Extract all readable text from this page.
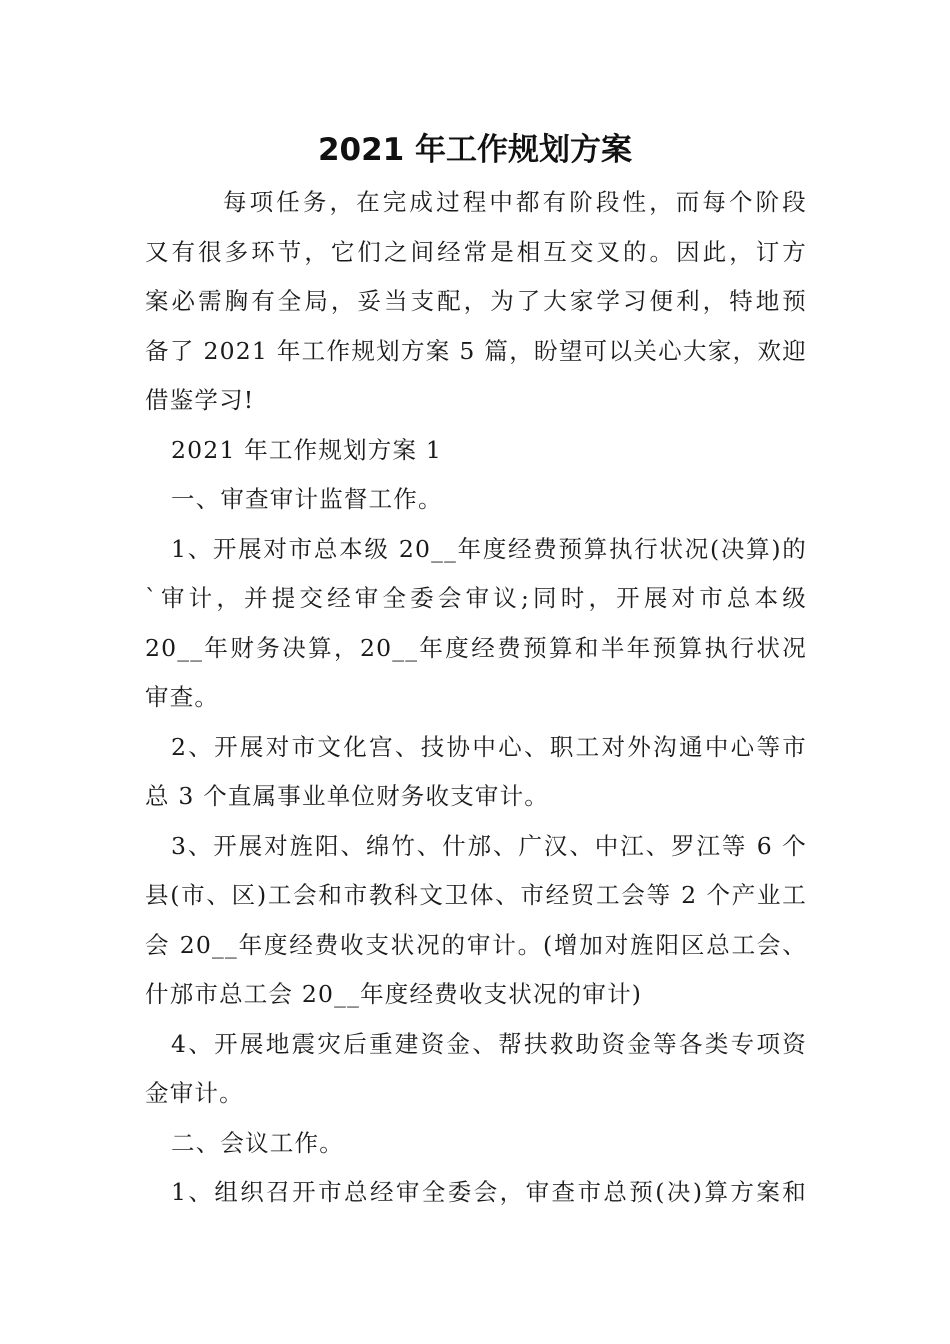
2021 年工作规划方案
每项任务，在完成过程中都有阶段性，而每个阶段
又有很多环节，它们之间经常是相互交叉的。因此，订方
案必需胸有全局，妥当支配，为了大家学习便利，特地预
备了 2021 年工作规划方案 5 篇，盼望可以关心大家，欢迎
借鉴学习!
2021 年工作规划方案 1
一、审查审计监督工作。
1、开展对市总本级 20__年度经费预算执行状况(决算)的
`审计，并提交经审全委会审议;同时，开展对市总本级
20__年财务决算，20__年度经费预算和半年预算执行状况
审查。
2、开展对市文化宫、技协中心、职工对外沟通中心等市
总 3 个直属事业单位财务收支审计。
3、开展对旌阳、绵竹、什邡、广汉、中江、罗江等 6 个
县(市、区)工会和市教科文卫体、市经贸工会等 2 个产业工
会 20__年度经费收支状况的审计。(增加对旌阳区总工会、
什邡市总工会 20__年度经费收支状况的审计)
4、开展地震灾后重建资金、帮扶救助资金等各类专项资
金审计。
二、会议工作。
1、组织召开市总经审全委会，审查市总预(决)算方案和
